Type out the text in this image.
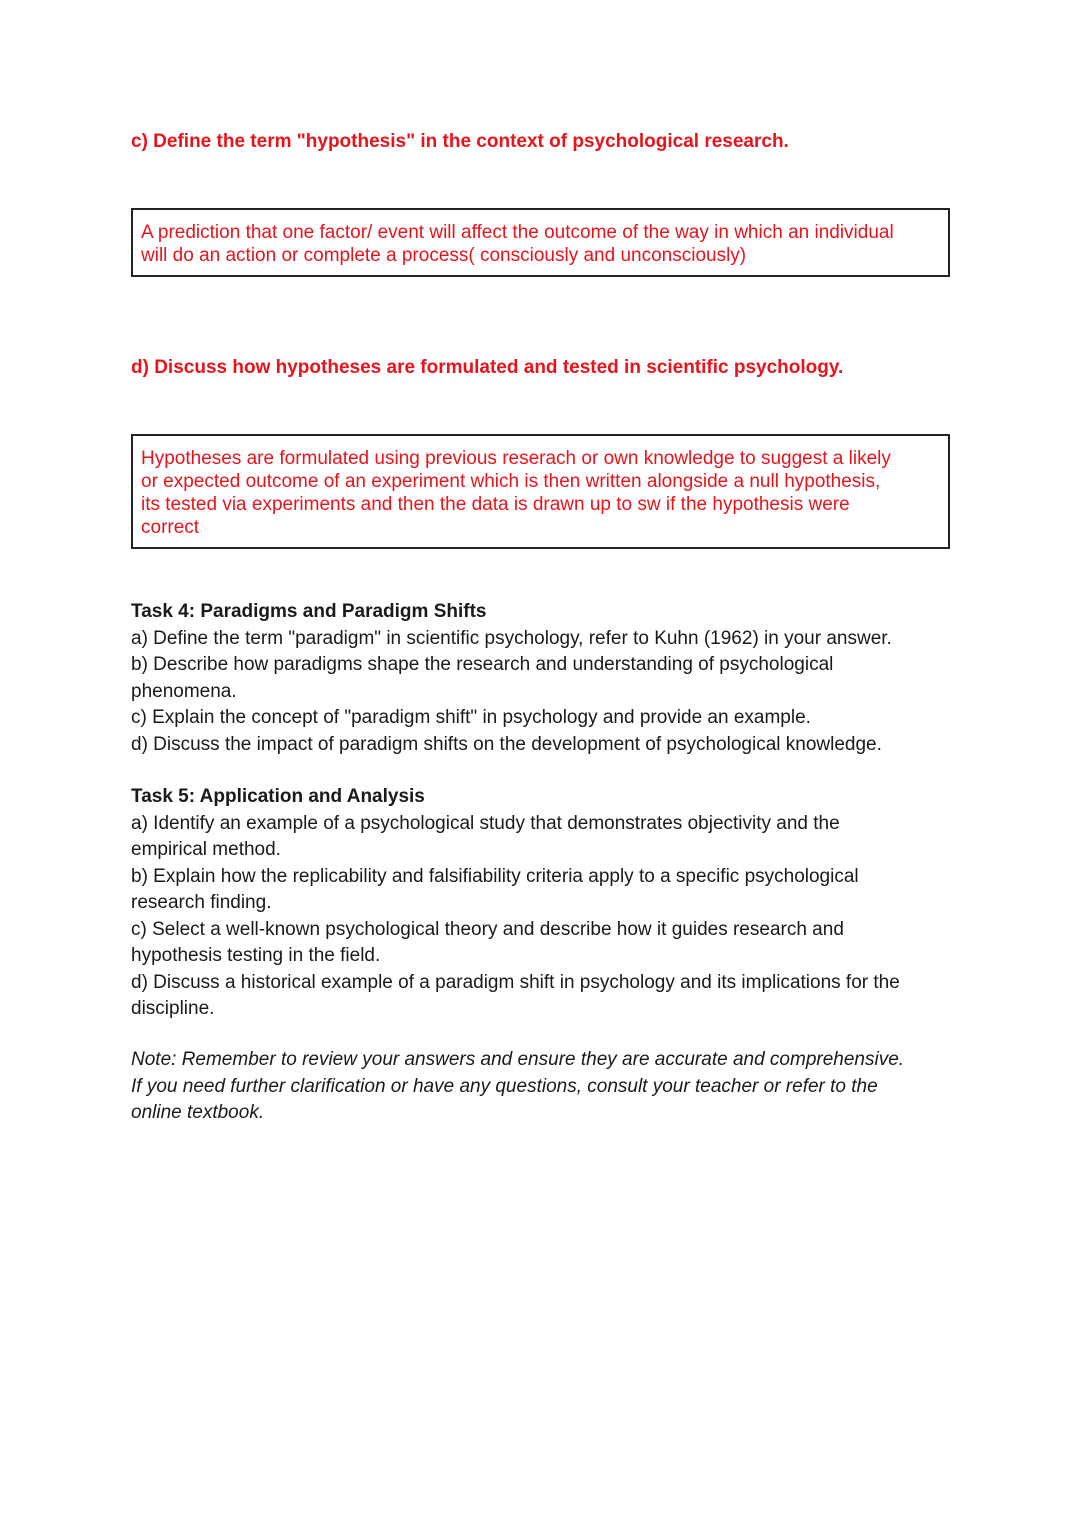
c) Define the term "hypothesis" in the context of psychological research.

A prediction that one factor/ event will affect the outcome of the way in which an individual
will do an action or complete a process( consciously and unconsciously)

d) Discuss how hypotheses are formulated and tested in scientific psychology.

Hypotheses are formulated using previous reserach or own knowledge to suggest a likely
or expected outcome of an experiment which is then written alongside a null hypothesis,
its tested via experiments and then the data is drawn up to sw if the hypothesis were
correct
Task 4: Paradigms and Paradigm Shifts
a) Define the term "paradigm" in scientific psychology, refer to Kuhn (1962) in your answer.
b) Describe how paradigms shape the research and understanding of psychological phenomena.
c) Explain the concept of "paradigm shift" in psychology and provide an example.
d) Discuss the impact of paradigm shifts on the development of psychological knowledge.
Task 5: Application and Analysis
a) Identify an example of a psychological study that demonstrates objectivity and the empirical method.
b) Explain how the replicability and falsifiability criteria apply to a specific psychological research finding.
c) Select a well-known psychological theory and describe how it guides research and hypothesis testing in the field.
d) Discuss a historical example of a paradigm shift in psychology and its implications for the discipline.
Note: Remember to review your answers and ensure they are accurate and comprehensive.
If you need further clarification or have any questions, consult your teacher or refer to the
online textbook.
